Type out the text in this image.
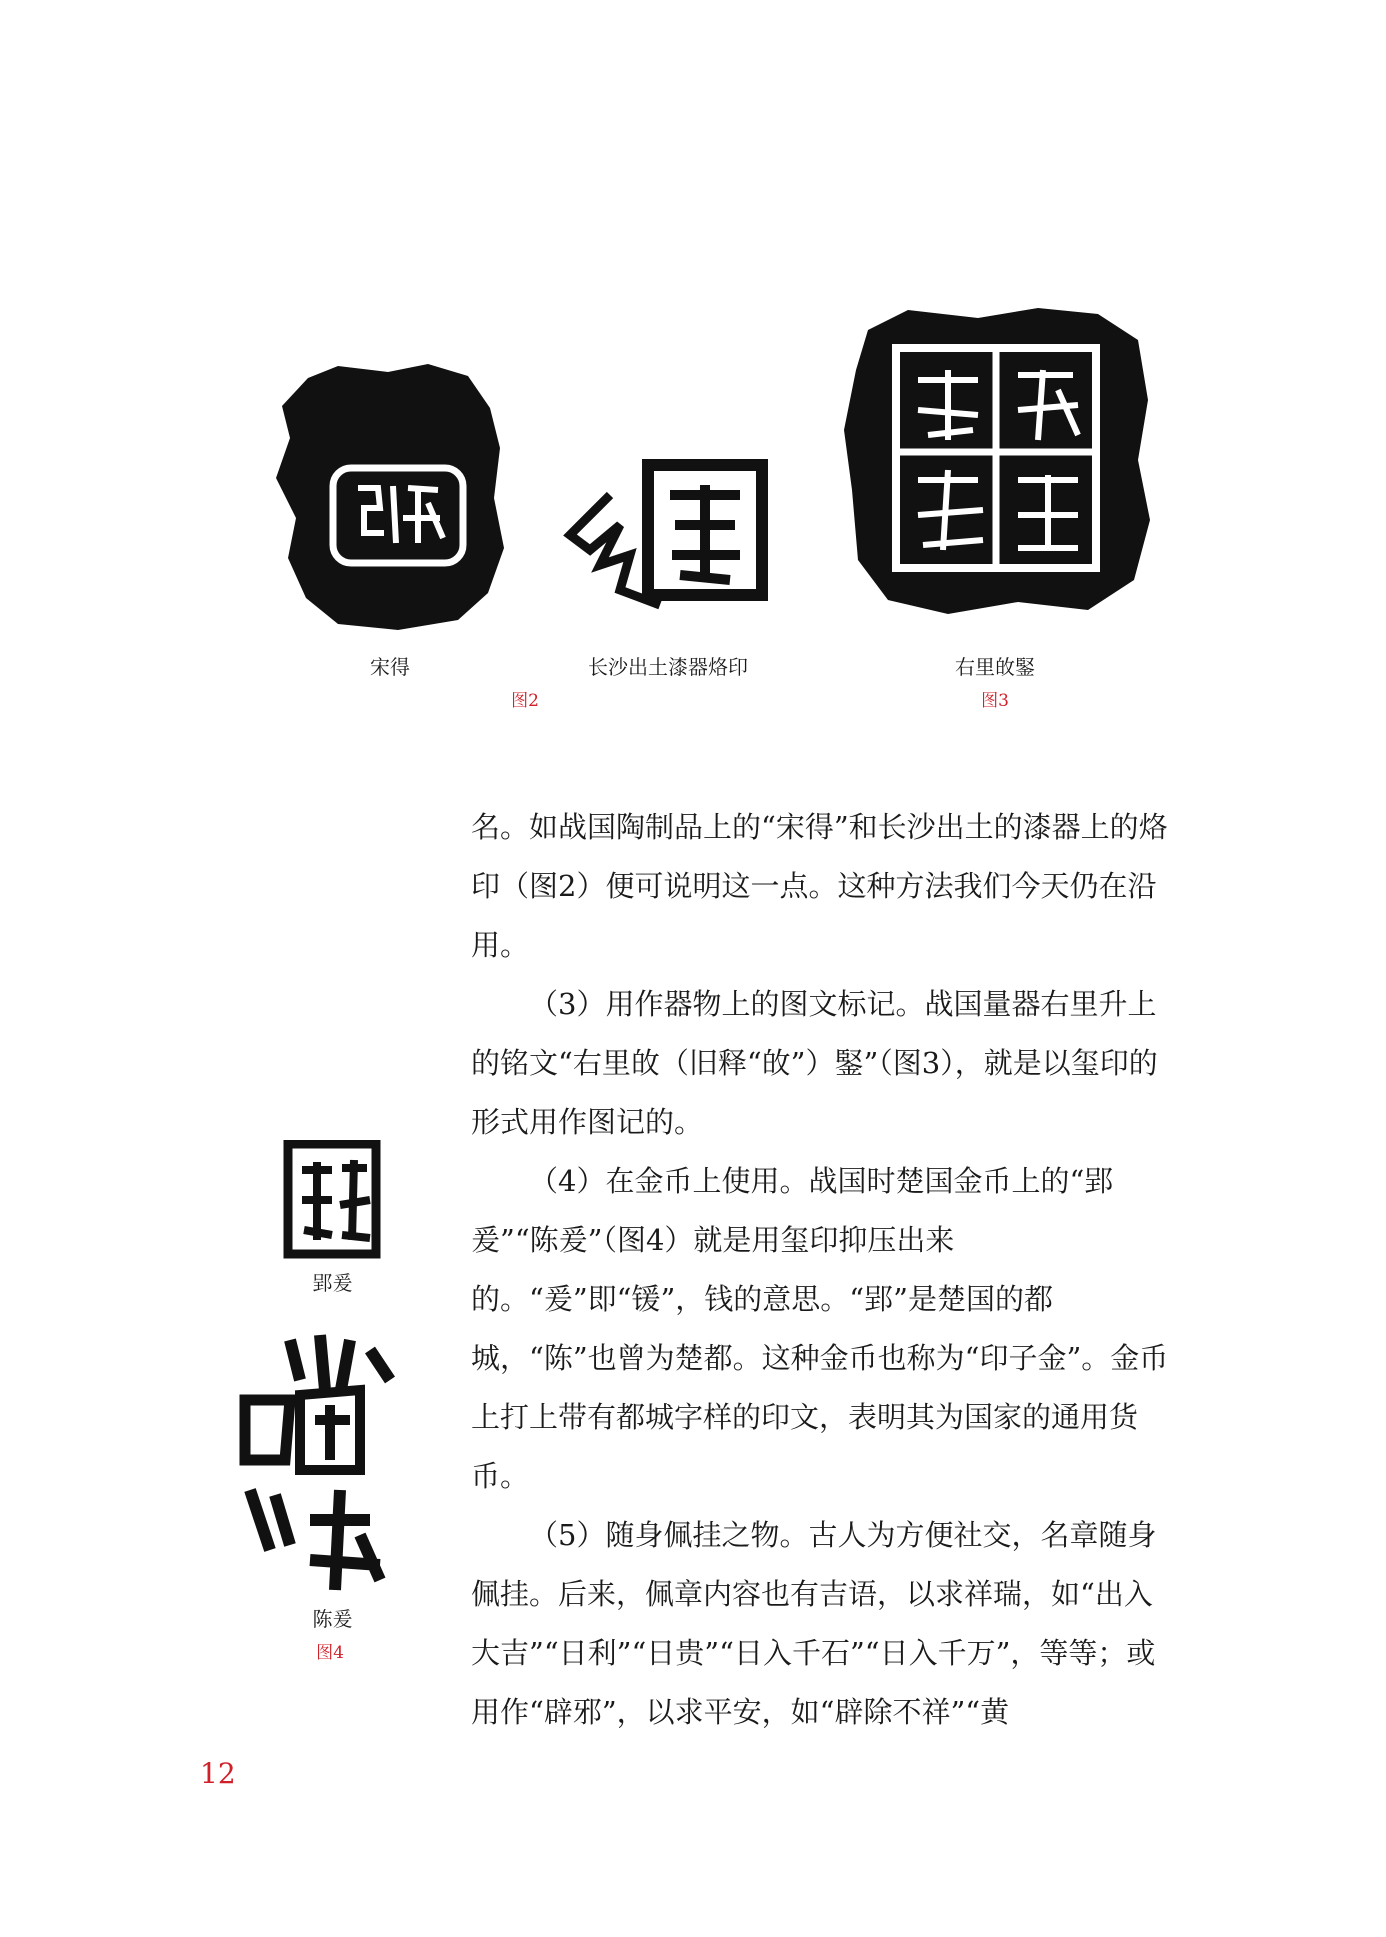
宋得	长沙出土漆器烙印	右里敀鋻
图2	图3
郢爰
陈爰
图4

名。如战国陶制品上的“宋得”和长沙出土的漆器上的烙印（图2）便可说明这一点。这种方法我们今天仍在沿用。

（3）用作器物上的图文标记。战国量器右里升上的铭文“右里敀（旧释“敀”）鋻”（图3），就是以玺印的形式用作图记的。

（4）在金币上使用。战国时楚国金币上的“郢爰”“陈爰”（图4）就是用玺印抑压出来的。“爰”即“锾”，钱的意思。“郢”是楚国的都城，“陈”也曾为楚都。这种金币也称为“印子金”。金币上打上带有都城字样的印文，表明其为国家的通用货币。

（5）随身佩挂之物。古人为方便社交，名章随身佩挂。后来，佩章内容也有吉语，以求祥瑞，如“出入大吉”“日利”“日贵”“日入千石”“日入千万”，等等；或用作“辟邪”，以求平安，如“辟除不祥”“黄

12
